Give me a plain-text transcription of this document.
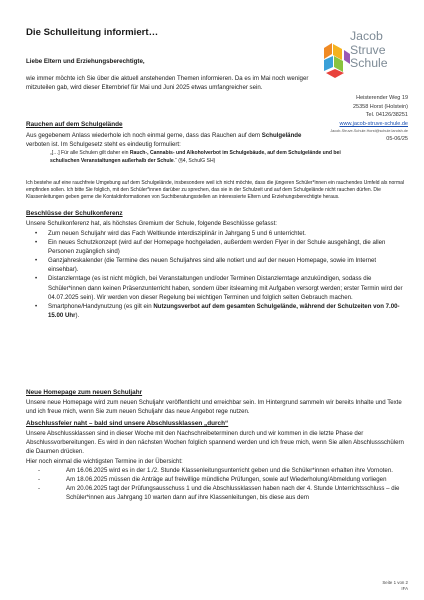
Die Schulleitung informiert…
Liebe Eltern und Erziehungsberechtigte,
wie immer möchte ich Sie über die aktuell anstehenden Themen informieren. Da es im Mai noch weniger mitzuteilen gab, wird dieser Elternbrief für Mai und Juni 2025 etwas umfangreicher sein.
Jacob
Struve
Schule
Heisterender Weg 19
25358 Horst (Holstein)
Tel. 04126/38251
www.jacob-struve-schule.de
Jacob-Struve-Schule.Horst@schule.landsh.de
05-06/25
Rauchen auf dem Schulgelände
Aus gegebenem Anlass wiederhole ich noch einmal gerne, dass das Rauchen auf dem Schulgelände verboten ist. Im Schulgesetz steht es eindeutig formuliert:
„[…] Für alle Schulen gilt daher ein Rauch-, Cannabis- und Alkoholverbot im Schulgebäude, auf dem Schulgelände und bei schulischen Veranstaltungen außerhalb der Schule.“ (§4, SchulG SH)
Ich bestehe auf eine rauchfreie Umgebung auf dem Schulgelände, insbesondere weil ich nicht möchte, dass die jüngeren Schüler*innen ein rauchendes Umfeld als normal empfinden sollen. Ich bitte Sie folglich, mit den Schüler*innen darüber zu sprechen, das sie in der Schulzeit und auf dem Schulgelände nicht rauchen dürfen. Die Klassenleitungen geben gerne die Kontaktinformationen von Suchtberatungsstellen an interessierte Eltern und Erziehungsberechtigte heraus.
Beschlüsse der Schulkonferenz
Unsere Schulkonferenz hat, als höchstes Gremium der Schule, folgende Beschlüsse gefasst:
• Zum neuen Schuljahr wird das Fach Weltkunde interdisziplinär in Jahrgang 5 und 6 unterrichtet.
• Ein neues Schutzkonzept (wird auf der Homepage hochgeladen, außerdem werden Flyer in der Schule ausgehängt, die allen Personen zugänglich sind)
• Ganzjahreskalender (die Termine des neuen Schuljahres sind alle notiert und auf der neuen Homepage, sowie im Internet einsehbar).
• Distanzlerntage (es ist nicht möglich, bei Veranstaltungen und/oder Terminen Distanzlerntage anzukündigen, sodass die Schüler*innen dann keinen Präsenzunterricht haben, sondern über itslearning mit Aufgaben versorgt werden; erster Termin wird der 04.07.2025 sein). Wir werden von dieser Regelung bei wichtigen Terminen und folglich selten Gebrauch machen.
• Smartphone/Handynutzung (es gilt ein Nutzungsverbot auf dem gesamten Schulgelände, während der Schulzeiten von 7.00-15.00 Uhr).
Neue Homepage zum neuen Schuljahr
Unsere neue Homepage wird zum neuen Schuljahr veröffentlicht und erreichbar sein. Im Hintergrund sammeln wir bereits Inhalte und Texte und ich freue mich, wenn Sie zum neuen Schuljahr das neue Angebot rege nutzen.
Abschlussfeier naht – bald sind unsere Abschlussklassen „durch“
Unsere Abschlussklassen sind in dieser Woche mit den Nachschreibeterminen durch und wir kommen in die letzte Phase der Abschlussvorbereitungen. Es wird in den nächsten Wochen folglich spannend werden und ich freue mich, wenn Sie allen Abschlussschülern die Daumen drücken.
Hier noch einmal die wichtigsten Termine in der Übersicht:
- Am 16.06.2025 wird es in der 1./2. Stunde Klassenleitungsunterricht geben und die Schüler*innen erhalten ihre Vornoten.
- Am 18.06.2025 müssen die Anträge auf freiwillige mündliche Prüfungen, sowie auf Wiederholung/Abmeldung vorliegen
- Am 20.06.2025 tagt der Prüfungsausschuss 1 und die Abschlussklassen haben nach der 4. Stunde Unterrichtsschluss – die Schüler*innen aus Jahrgang 10 warten dann auf ihre Klassenleitungen, bis diese aus dem
Seite 1 von 2
IFA
